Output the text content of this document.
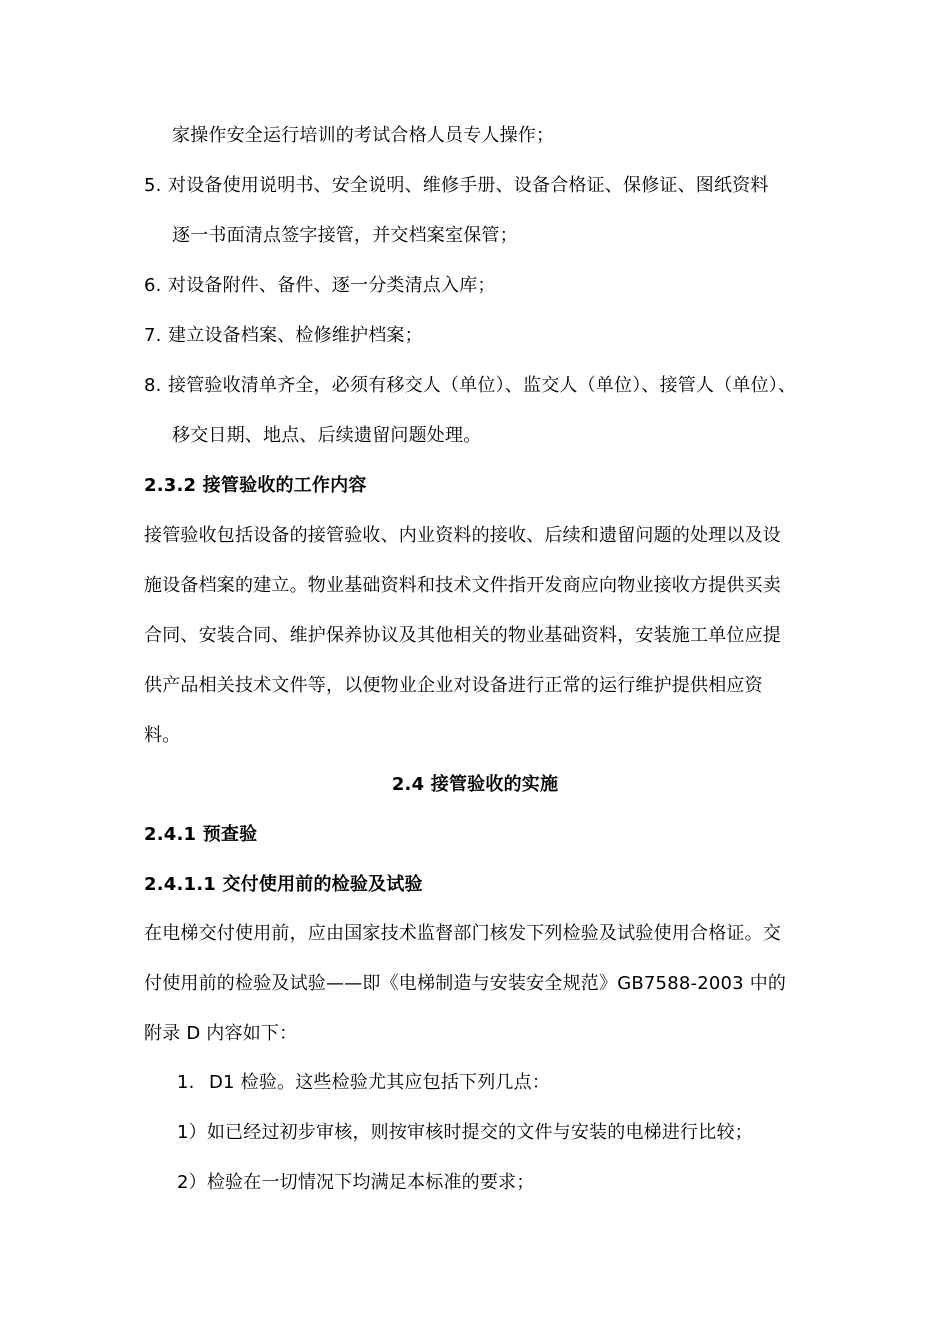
家操作安全运行培训的考试合格人员专人操作；
5. 对设备使用说明书、安全说明、维修手册、设备合格证、保修证、图纸资料
逐一书面清点签字接管，并交档案室保管；
6. 对设备附件、备件、逐一分类清点入库；
7. 建立设备档案、检修维护档案；
8. 接管验收清单齐全，必须有移交人（单位）、监交人（单位）、接管人（单位）、
移交日期、地点、后续遗留问题处理。
2.3.2 接管验收的工作内容
接管验收包括设备的接管验收、内业资料的接收、后续和遗留问题的处理以及设
施设备档案的建立。物业基础资料和技术文件指开发商应向物业接收方提供买卖
合同、安装合同、维护保养协议及其他相关的物业基础资料，安装施工单位应提
供产品相关技术文件等，以便物业企业对设备进行正常的运行维护提供相应资
料。
2.4 接管验收的实施
2.4.1 预查验
2.4.1.1 交付使用前的检验及试验
在电梯交付使用前，应由国家技术监督部门核发下列检验及试验使用合格证。交
付使用前的检验及试验——即《电梯制造与安装安全规范》GB7588-2003 中的
附录 D 内容如下：
1. D1 检验。这些检验尤其应包括下列几点：
1）如已经过初步审核，则按审核时提交的文件与安装的电梯进行比较；
2）检验在一切情况下均满足本标准的要求；
